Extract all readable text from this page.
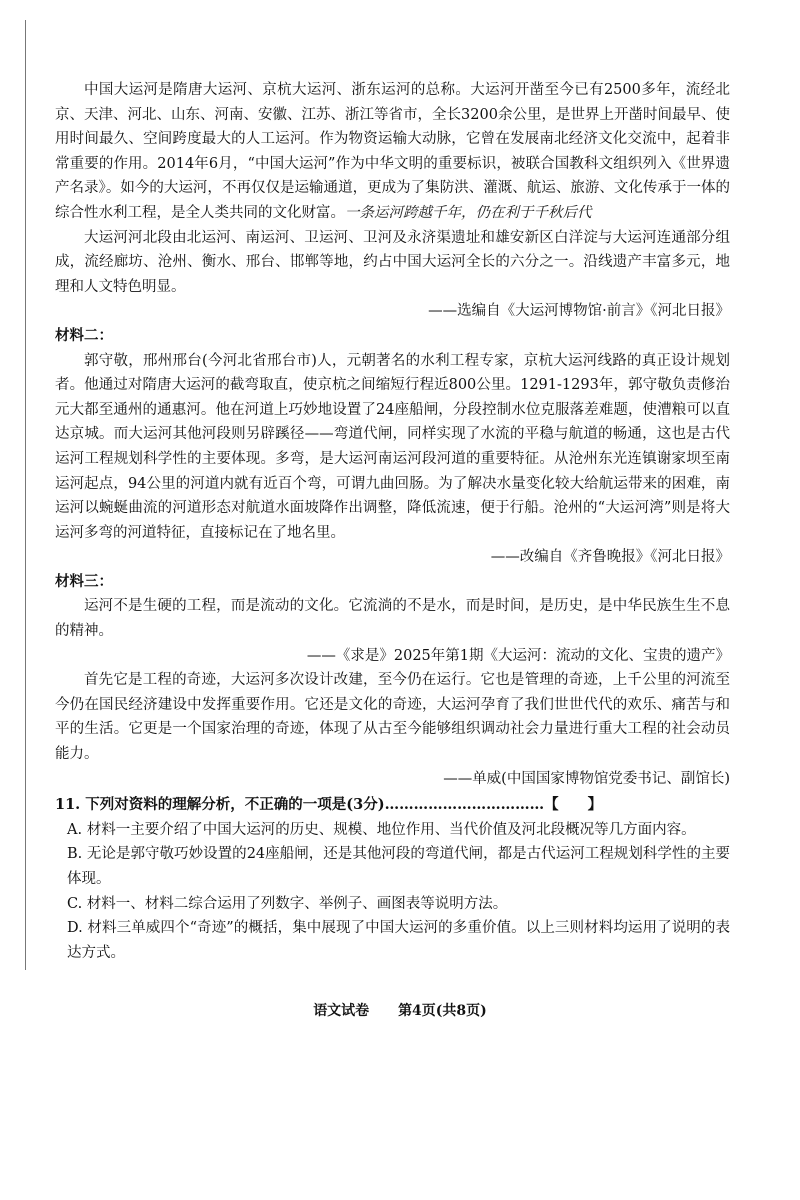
中国大运河是隋唐大运河、京杭大运河、浙东运河的总称。大运河开凿至今已有2500多年，流经北京、天津、河北、山东、河南、安徽、江苏、浙江等省市，全长3200余公里，是世界上开凿时间最早、使用时间最久、空间跨度最大的人工运河。作为物资运输大动脉，它曾在发展南北经济文化交流中，起着非常重要的作用。2014年6月，“中国大运河”作为中华文明的重要标识，被联合国教科文组织列入《世界遗产名录》。如今的大运河，不再仅仅是运输通道，更成为了集防洪、灌溉、航运、旅游、文化传承于一体的综合性水利工程，是全人类共同的文化财富。一条运河跨越千年，仍在利于千秋后代

大运河河北段由北运河、南运河、卫运河、卫河及永济渠遗址和雄安新区白洋淀与大运河连通部分组成，流经廊坊、沧州、衡水、邢台、邯郸等地，约占中国大运河全长的六分之一。沿线遗产丰富多元，地理和人文特色明显。

——选编自《大运河博物馆·前言》《河北日报》

材料二：

郭守敬，邢州邢台(今河北省邢台市)人，元朝著名的水利工程专家，京杭大运河线路的真正设计规划者。他通过对隋唐大运河的截弯取直，使京杭之间缩短行程近800公里。1291-1293年，郭守敬负责修治元大都至通州的通惠河。他在河道上巧妙地设置了24座船闸，分段控制水位克服落差难题，使漕粮可以直达京城。而大运河其他河段则另辟蹊径——弯道代闸，同样实现了水流的平稳与航道的畅通，这也是古代运河工程规划科学性的主要体现。多弯，是大运河南运河段河道的重要特征。从沧州东光连镇谢家坝至南运河起点，94公里的河道内就有近百个弯，可谓九曲回肠。为了解决水量变化较大给航运带来的困难，南运河以蜿蜒曲流的河道形态对航道水面坡降作出调整，降低流速，便于行船。沧州的“大运河湾”则是将大运河多弯的河道特征，直接标记在了地名里。

——改编自《齐鲁晚报》《河北日报》

材料三：

运河不是生硬的工程，而是流动的文化。它流淌的不是水，而是时间，是历史，是中华民族生生不息的精神。

——《求是》2025年第1期《大运河：流动的文化、宝贵的遗产》

首先它是工程的奇迹，大运河多次设计改建，至今仍在运行。它也是管理的奇迹，上千公里的河流至今仍在国民经济建设中发挥重要作用。它还是文化的奇迹，大运河孕育了我们世世代代的欢乐、痛苦与和平的生活。它更是一个国家治理的奇迹，体现了从古至今能够组织调动社会力量进行重大工程的社会动员能力。

——单威(中国国家博物馆党委书记、副馆长)

11. 下列对资料的理解分析，不正确的一项是(3分)……………………………【　　】

A. 材料一主要介绍了中国大运河的历史、规模、地位作用、当代价值及河北段概况等几方面内容。

B. 无论是郭守敬巧妙设置的24座船闸，还是其他河段的弯道代闸，都是古代运河工程规划科学性的主要体现。

C. 材料一、材料二综合运用了列数字、举例子、画图表等说明方法。

D. 材料三单威四个“奇迹”的概括，集中展现了中国大运河的多重价值。以上三则材料均运用了说明的表达方式。

语文试卷 第4页(共8页)
